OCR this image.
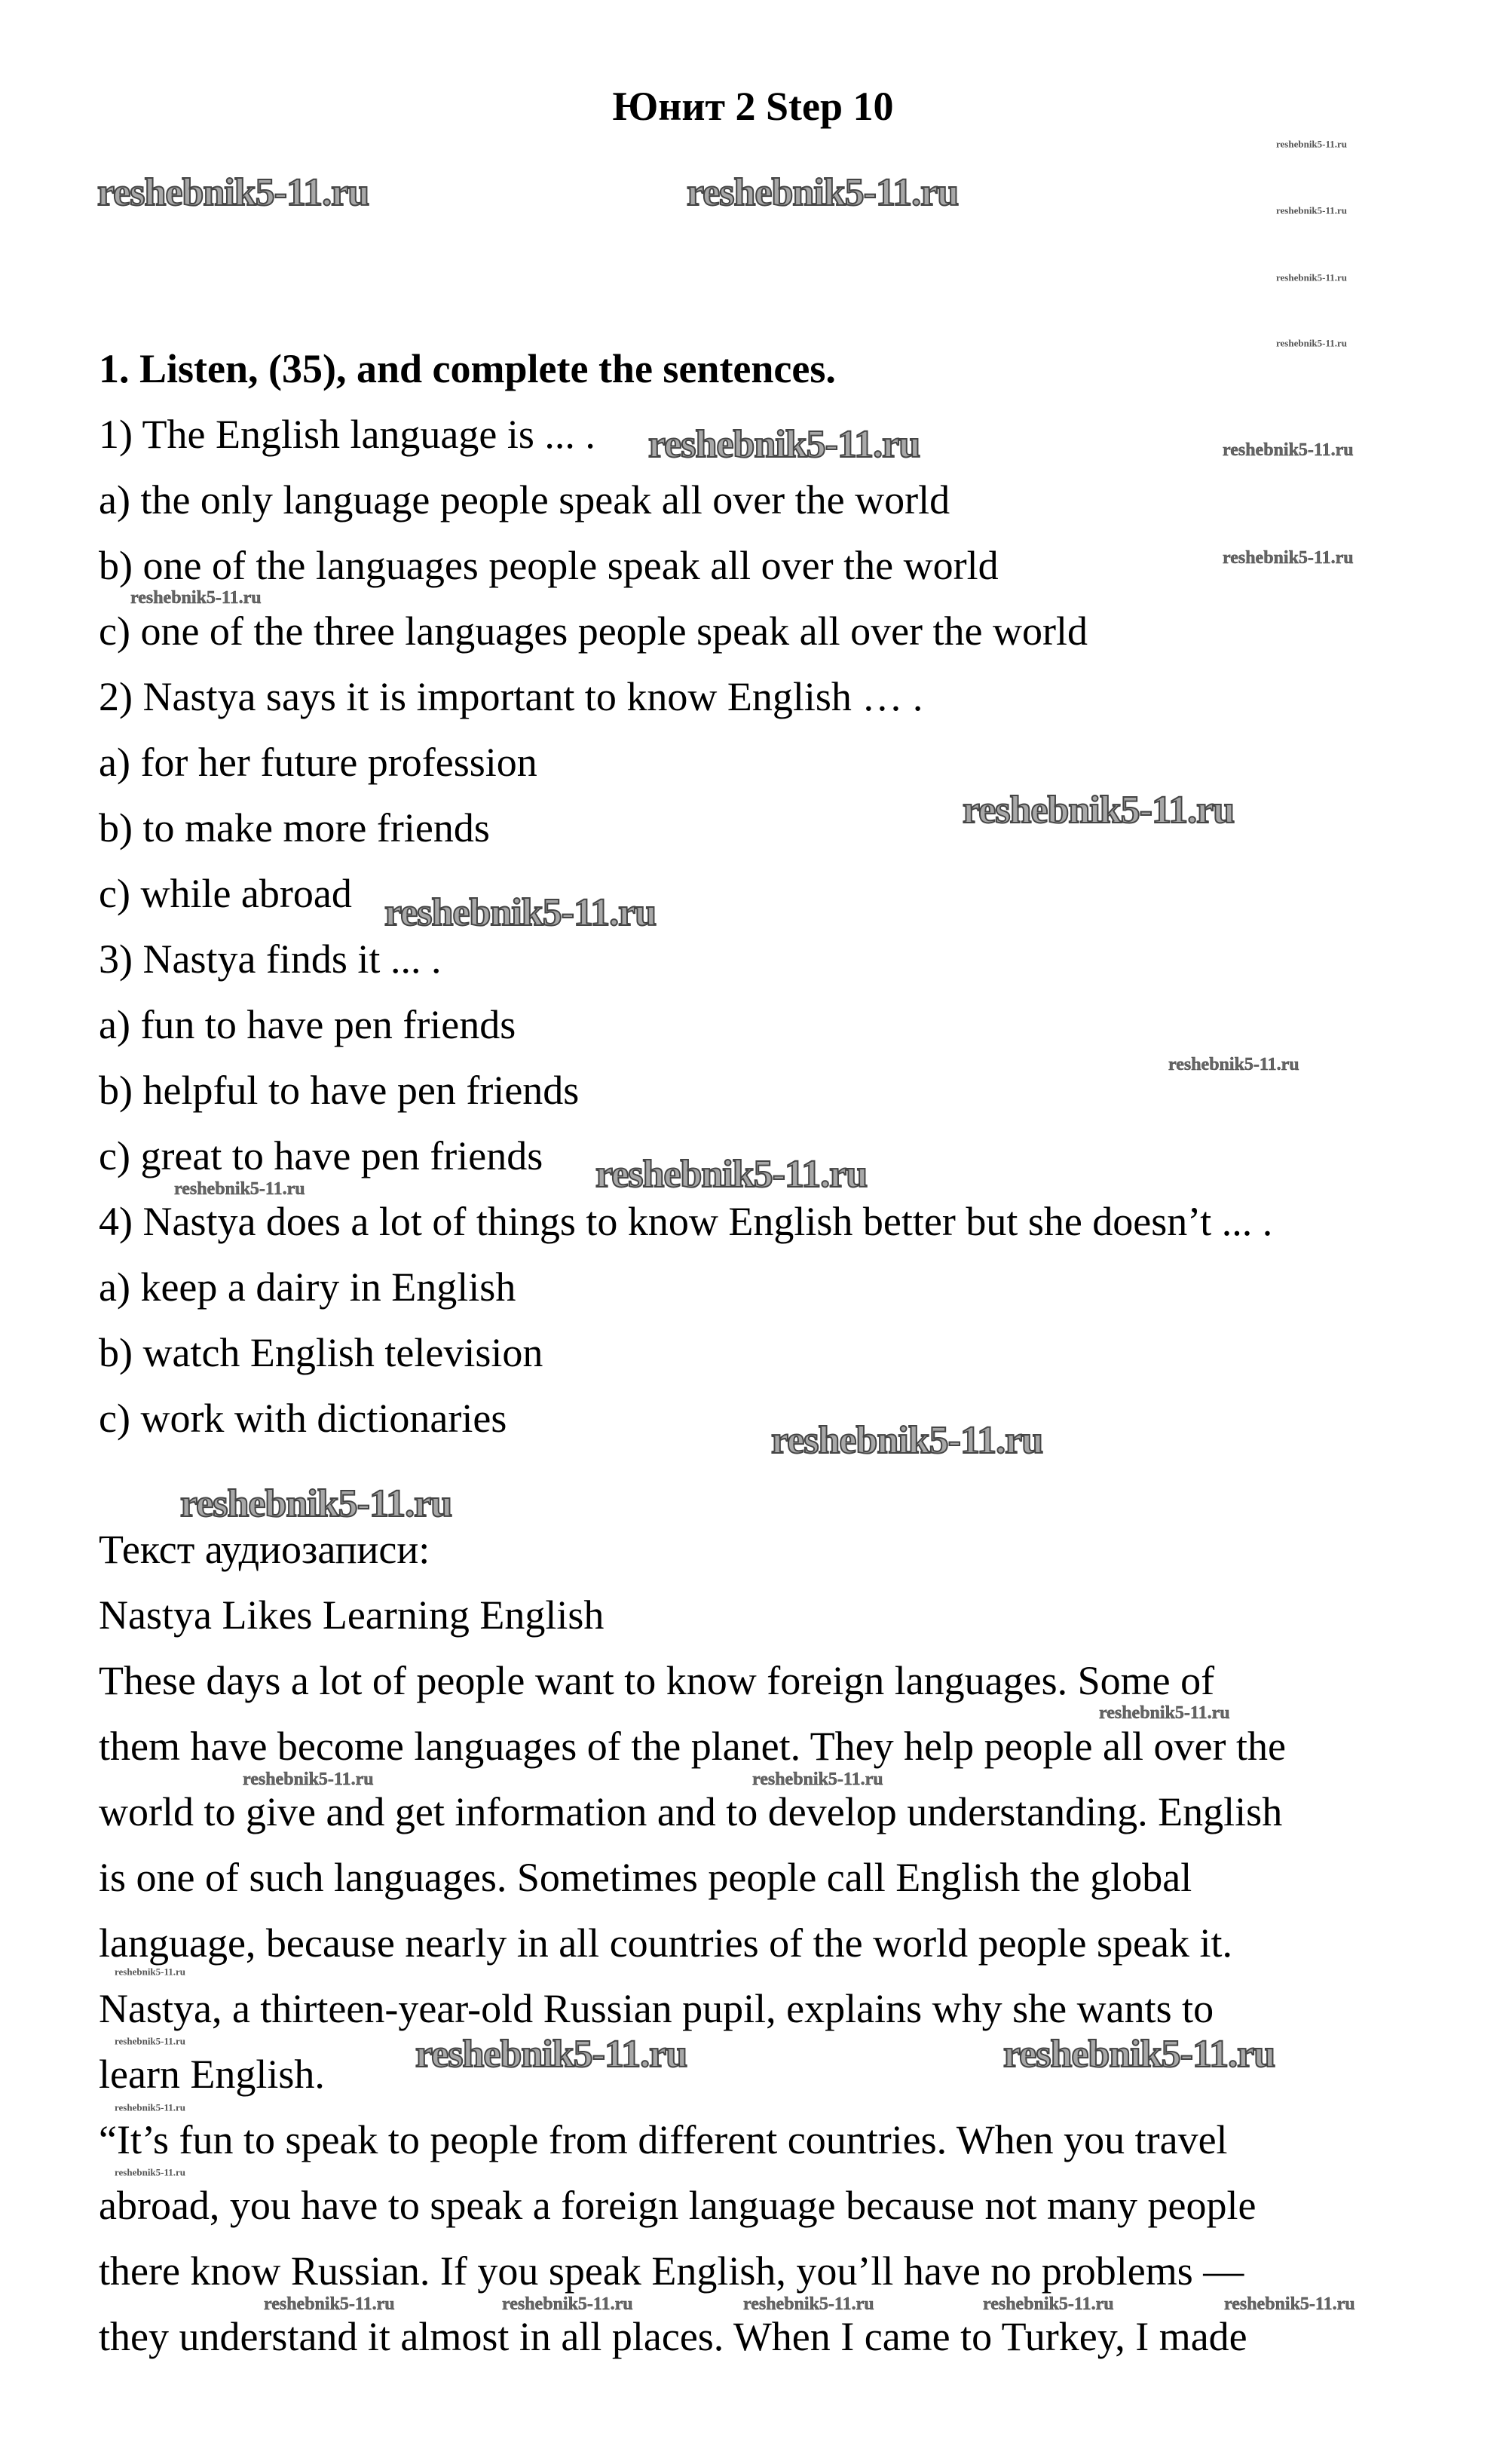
Юнит 2 Step 10
1. Listen, (35), and complete the sentences.
1) The English language is ... .
a) the only language people speak all over the world
b) one of the languages people speak all over the world
c) one of the three languages people speak all over the world
2) Nastya says it is important to know English … .
a) for her future profession
b) to make more friends
c) while abroad
3) Nastya finds it ... .
a) fun to have pen friends
b) helpful to have pen friends
c) great to have pen friends
4) Nastya does a lot of things to know English better but she doesn’t ... .
a) keep a dairy in English
b) watch English television
c) work with dictionaries
Текст аудиозаписи:
Nastya Likes Learning English
These days a lot of people want to know foreign languages. Some of
them have become languages of the planet. They help people all over the
world to give and get information and to develop understanding. English
is one of such languages. Sometimes people call English the global
language, because nearly in all countries of the world people speak it.
Nastya, a thirteen-year-old Russian pupil, explains why she wants to
learn English.
“It’s fun to speak to people from different countries. When you travel
abroad, you have to speak a foreign language because not many people
there know Russian. If you speak English, you’ll have no problems —
they understand it almost in all places. When I came to Turkey, I made
reshebnik5-11.ru	reshebnik5-11.ru
reshebnik5-11.ru
reshebnik5-11.ru
reshebnik5-11.ru
reshebnik5-11.ru
reshebnik5-11.ru
reshebnik5-11.ru
reshebnik5-11.ru
reshebnik5-11.ru
reshebnik5-11.ru
reshebnik5-11.ru
reshebnik5-11.ru
reshebnik5-11.ru	reshebnik5-11.ru
reshebnik5-11.ru
reshebnik5-11.ru
reshebnik5-11.ru
reshebnik5-11.ru	reshebnik5-11.ru
reshebnik5-11.ru
reshebnik5-11.ru
reshebnik5-11.ru
reshebnik5-11.ru
reshebnik5-11.ru	reshebnik5-11.ru
reshebnik5-11.ru	reshebnik5-11.ru	reshebnik5-11.ru	reshebnik5-11.ru	reshebnik5-11.ru
